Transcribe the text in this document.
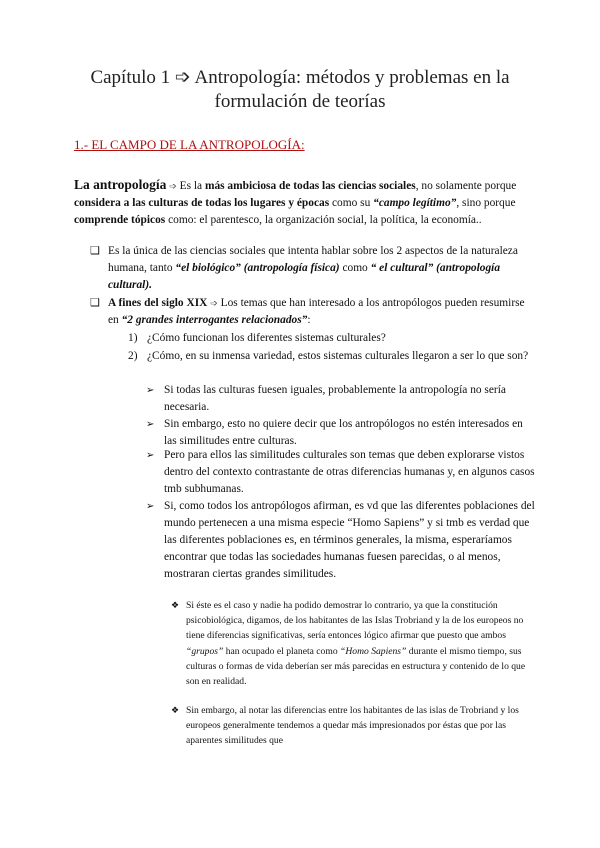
Capítulo 1 ➩ Antropología: métodos y problemas en la
formulación de teorías
1.- EL CAMPO DE LA ANTROPOLOGÍA:
La antropología ➩ Es la más ambiciosa de todas las ciencias sociales, no solamente porque considera a las culturas de todas los lugares y épocas como su “campo legítimo”, sino porque comprende tópicos como: el parentesco, la organización social, la política, la economía..
❑ Es la única de las ciencias sociales que intenta hablar sobre los 2 aspectos de la naturaleza humana, tanto “el biológico” (antropología física) como “ el cultural” (antropología cultural).
❑ A fines del siglo XIX ➩ Los temas que han interesado a los antropólogos pueden resumirse en “2 grandes interrogantes relacionados”:
1) ¿Cómo funcionan los diferentes sistemas culturales?
2) ¿Cómo, en su inmensa variedad, estos sistemas culturales llegaron a ser lo que son?
➢ Si todas las culturas fuesen iguales, probablemente la antropología no sería necesaria.
➢ Sin embargo, esto no quiere decir que los antropólogos no estén interesados en las similitudes entre culturas.
➢ Pero para ellos las similitudes culturales son temas que deben explorarse vistos dentro del contexto contrastante de otras diferencias humanas y, en algunos casos tmb subhumanas.
➢ Si, como todos los antropólogos afirman, es vd que las diferentes poblaciones del mundo pertenecen a una misma especie “Homo Sapiens” y si tmb es verdad que las diferentes poblaciones es, en términos generales, la misma, esperaríamos encontrar que todas las sociedades humanas fuesen parecidas, o al menos, mostraran ciertas grandes similitudes.
❖ Si éste es el caso y nadie ha podido demostrar lo contrario, ya que la constitución psicobiológica, digamos, de los habitantes de las Islas Trobriand y la de los europeos no tiene diferencias significativas, sería entonces lógico afirmar que puesto que ambos “grupos” han ocupado el planeta como “Homo Sapiens” durante el mismo tiempo, sus culturas o formas de vida deberían ser más parecidas en estructura y contenido de lo que son en realidad.
❖ Sin embargo, al notar las diferencias entre los habitantes de las islas de Trobriand y los europeos generalmente tendemos a quedar más impresionados por éstas que por las aparentes similitudes que
